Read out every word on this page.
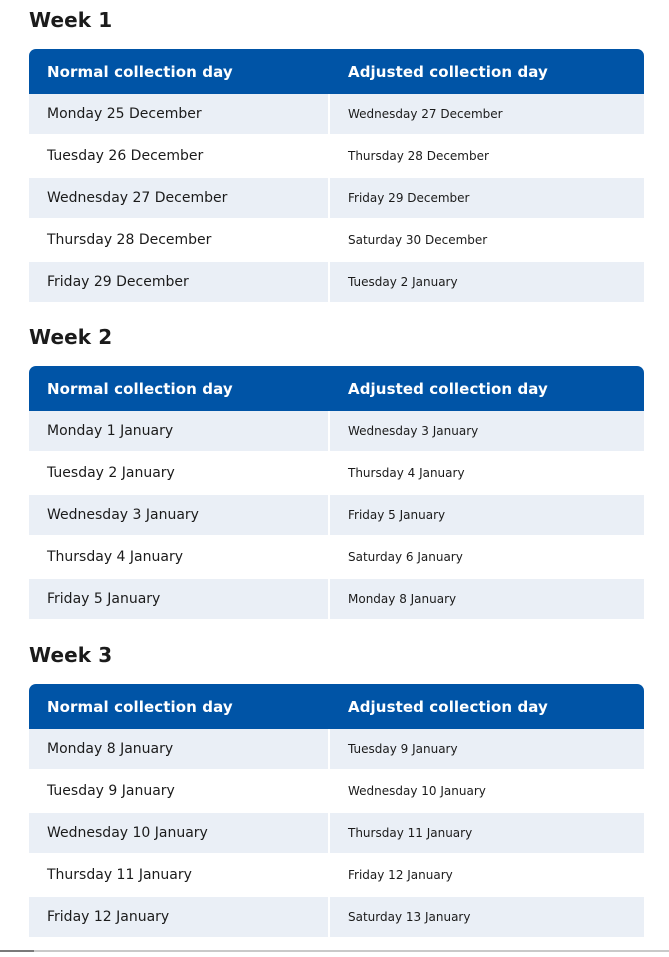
Week 1
Normal collection day	Adjusted collection day
Monday 25 December	Wednesday 27 December
Tuesday 26 December	Thursday 28 December
Wednesday 27 December	Friday 29 December
Thursday 28 December	Saturday 30 December
Friday 29 December	Tuesday 2 January
Week 2
Normal collection day	Adjusted collection day
Monday 1 January	Wednesday 3 January
Tuesday 2 January	Thursday 4 January
Wednesday 3 January	Friday 5 January
Thursday 4 January	Saturday 6 January
Friday 5 January	Monday 8 January
Week 3
Normal collection day	Adjusted collection day
Monday 8 January	Tuesday 9 January
Tuesday 9 January	Wednesday 10 January
Wednesday 10 January	Thursday 11 January
Thursday 11 January	Friday 12 January
Friday 12 January	Saturday 13 January
